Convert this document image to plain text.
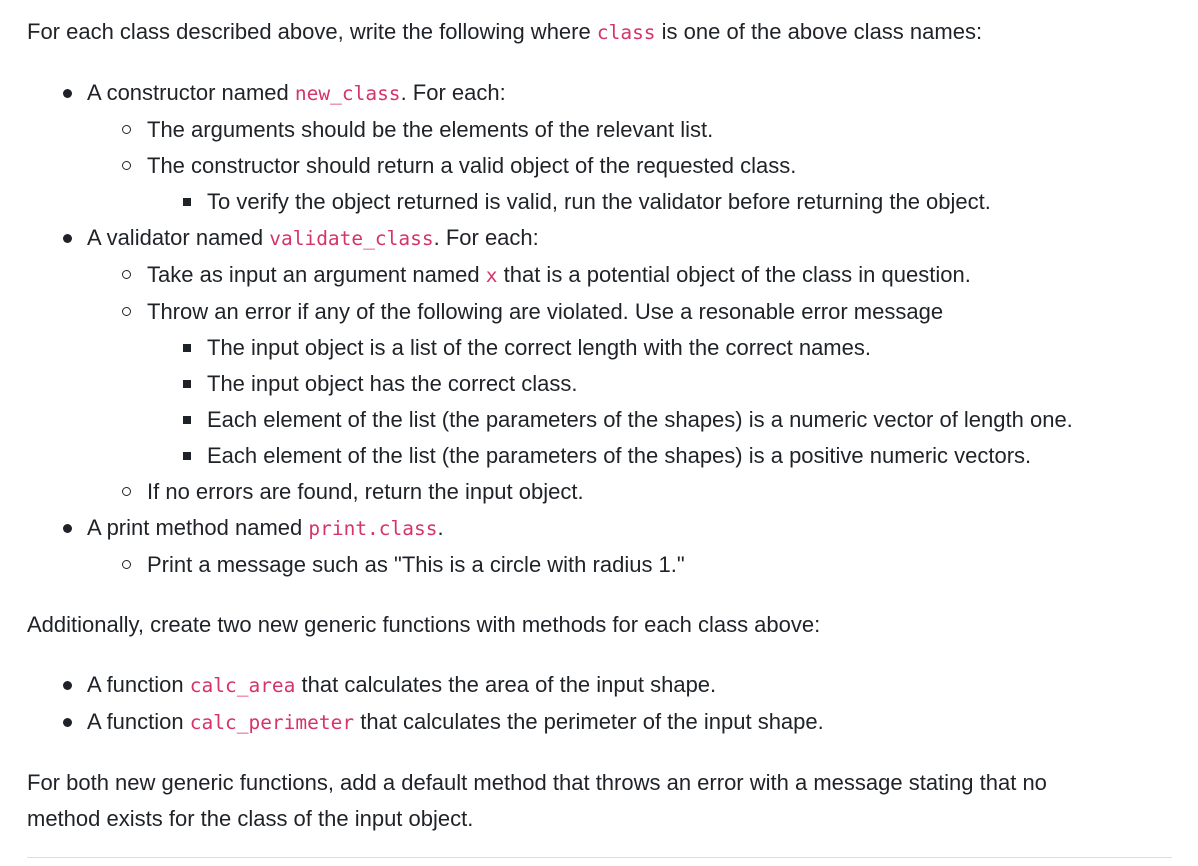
For each class described above, write the following where class is one of the above class names:

A constructor named new_class. For each:
The arguments should be the elements of the relevant list.
The constructor should return a valid object of the requested class.
To verify the object returned is valid, run the validator before returning the object.
A validator named validate_class. For each:
Take as input an argument named x that is a potential object of the class in question.
Throw an error if any of the following are violated. Use a resonable error message
The input object is a list of the correct length with the correct names.
The input object has the correct class.
Each element of the list (the parameters of the shapes) is a numeric vector of length one.
Each element of the list (the parameters of the shapes) is a positive numeric vectors.
If no errors are found, return the input object.
A print method named print.class.
Print a message such as "This is a circle with radius 1."

Additionally, create two new generic functions with methods for each class above:

A function calc_area that calculates the area of the input shape.
A function calc_perimeter that calculates the perimeter of the input shape.

For both new generic functions, add a default method that throws an error with a message stating that no
method exists for the class of the input object.
